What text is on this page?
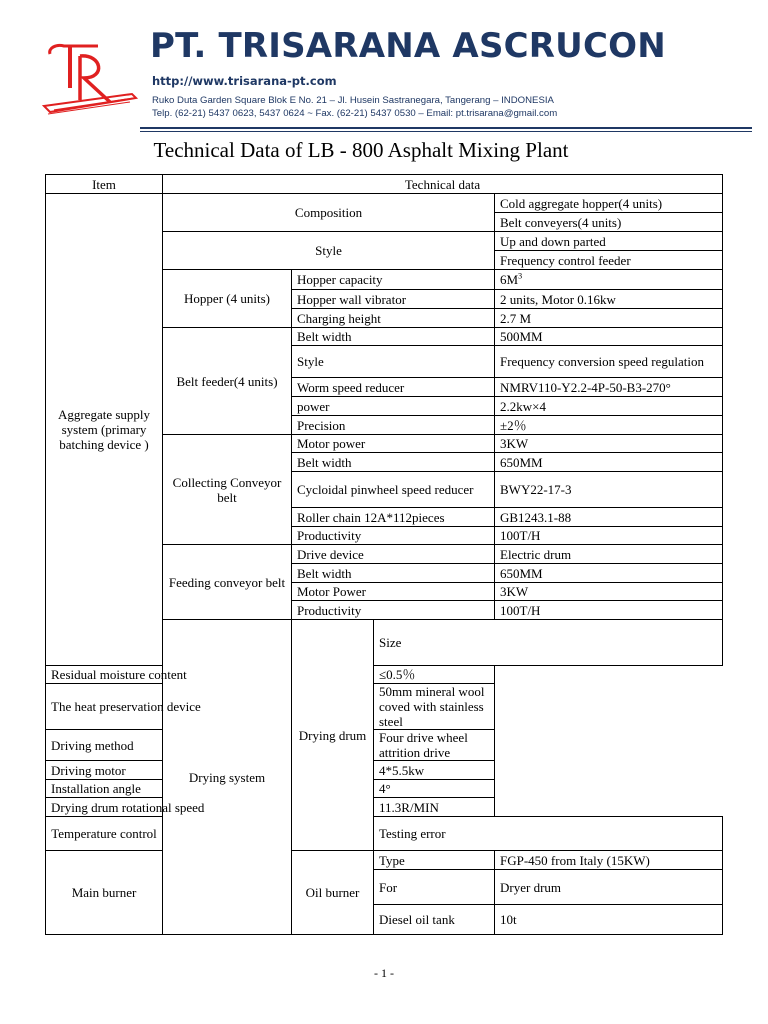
PT. TRISARANA ASCRUCON
http://www.trisarana-pt.com
Ruko Duta Garden Square Blok E No. 21 – Jl. Husein Sastranegara, Tangerang – INDONESIA
Telp. (62-21) 5437 0623, 5437 0624 ~ Fax. (62-21) 5437 0530 – Email: pt.trisarana@gmail.com
Technical Data of LB - 800 Asphalt Mixing Plant
Item	Technical data				
Aggregate supply system (primary batching device )	Composition			Cold aggregate hopper(4 units)	
				Belt conveyers(4 units)	
	Style			Up and down parted	
				Frequency control feeder	
	Hopper (4 units)	Hopper capacity		$6M^3$
		Hopper wall vibrator		2 units, Motor 0.16kw	
		Charging height		2.7 M	
	Belt feeder(4 units)	Belt width		500MM	
		Style		Frequency conversion speed regulation	
		Worm speed reducer		NMRV110-Y2.2-4P-50-B3-270°	
		power		2.2kw×4	
		Precision		±2％	
	Collecting Conveyor belt	Motor power		3KW	
		Belt width		650MM	
		Cycloidal pinwheel speed reducer		BWY22-17-3	
		Roller chain 12A*112pieces		GB1243.1-88	
		Productivity		100T/H	
	Feeding conveyor belt	Drive device		Electric drum	
		Belt width		650MM	
		Motor Power		3KW	
		Productivity		100T/H	
	Drying system	Drying drum	Size	

Residual moisture content			≤0.5％		
The heat preservation device			50mm mineral wool coved with stainless steel		
Driving method			Four drive wheel attrition drive		
Driving motor			4*5.5kw		
Installation angle			4°		
Drying drum rotational speed			11.3R/MIN		
Temperature control			Testing error	
Main burner		Oil burner	Type	FGP-450 from Italy (15KW)	
			For	Dryer drum	
			Diesel oil tank	10t	
- 1 -
